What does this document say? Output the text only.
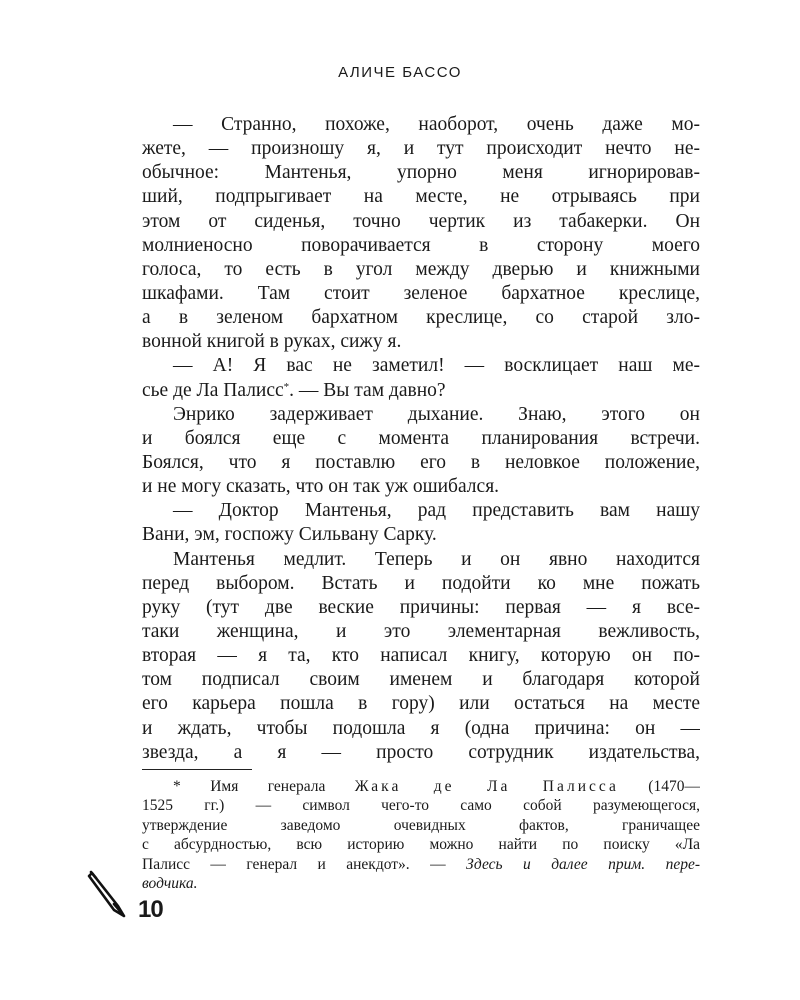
АЛИЧЕ БАССО
— Странно, похоже, наоборот, очень даже мо-
жете, — произношу я, и тут происходит нечто не-
обычное: Мантенья, упорно меня игнорировав-
ший, подпрыгивает на месте, не отрываясь при
этом от сиденья, точно чертик из табакерки. Он
молниеносно поворачивается в сторону моего
голоса, то есть в угол между дверью и книжными
шкафами. Там стоит зеленое бархатное креслице,
а в зеленом бархатном креслице, со старой зло-
вонной книгой в руках, сижу я.
— А! Я вас не заметил! — восклицает наш ме-
сье де Ла Палисс*. — Вы там давно?
Энрико задерживает дыхание. Знаю, этого он
и боялся еще с момента планирования встречи.
Боялся, что я поставлю его в неловкое положение,
и не могу сказать, что он так уж ошибался.
— Доктор Мантенья, рад представить вам нашу
Вани, эм, госпожу Сильвану Сарку.
Мантенья медлит. Теперь и он явно находится
перед выбором. Встать и подойти ко мне пожать
руку (тут две веские причины: первая — я все-
таки женщина, и это элементарная вежливость,
вторая — я та, кто написал книгу, которую он по-
том подписал своим именем и благодаря которой
его карьера пошла в гору) или остаться на месте
и ждать, чтобы подошла я (одна причина: он —
звезда, а я — просто сотрудник издательства,
* Имя генерала Жака де Ла Палисса (1470—
1525 гг.) — символ чего-то само собой разумеющегося,
утверждение заведомо очевидных фактов, граничащее
с абсурдностью, всю историю можно найти по поиску «Ла
Палисс — генерал и анекдот». — Здесь и далее прим. пере-
водчика.
10
